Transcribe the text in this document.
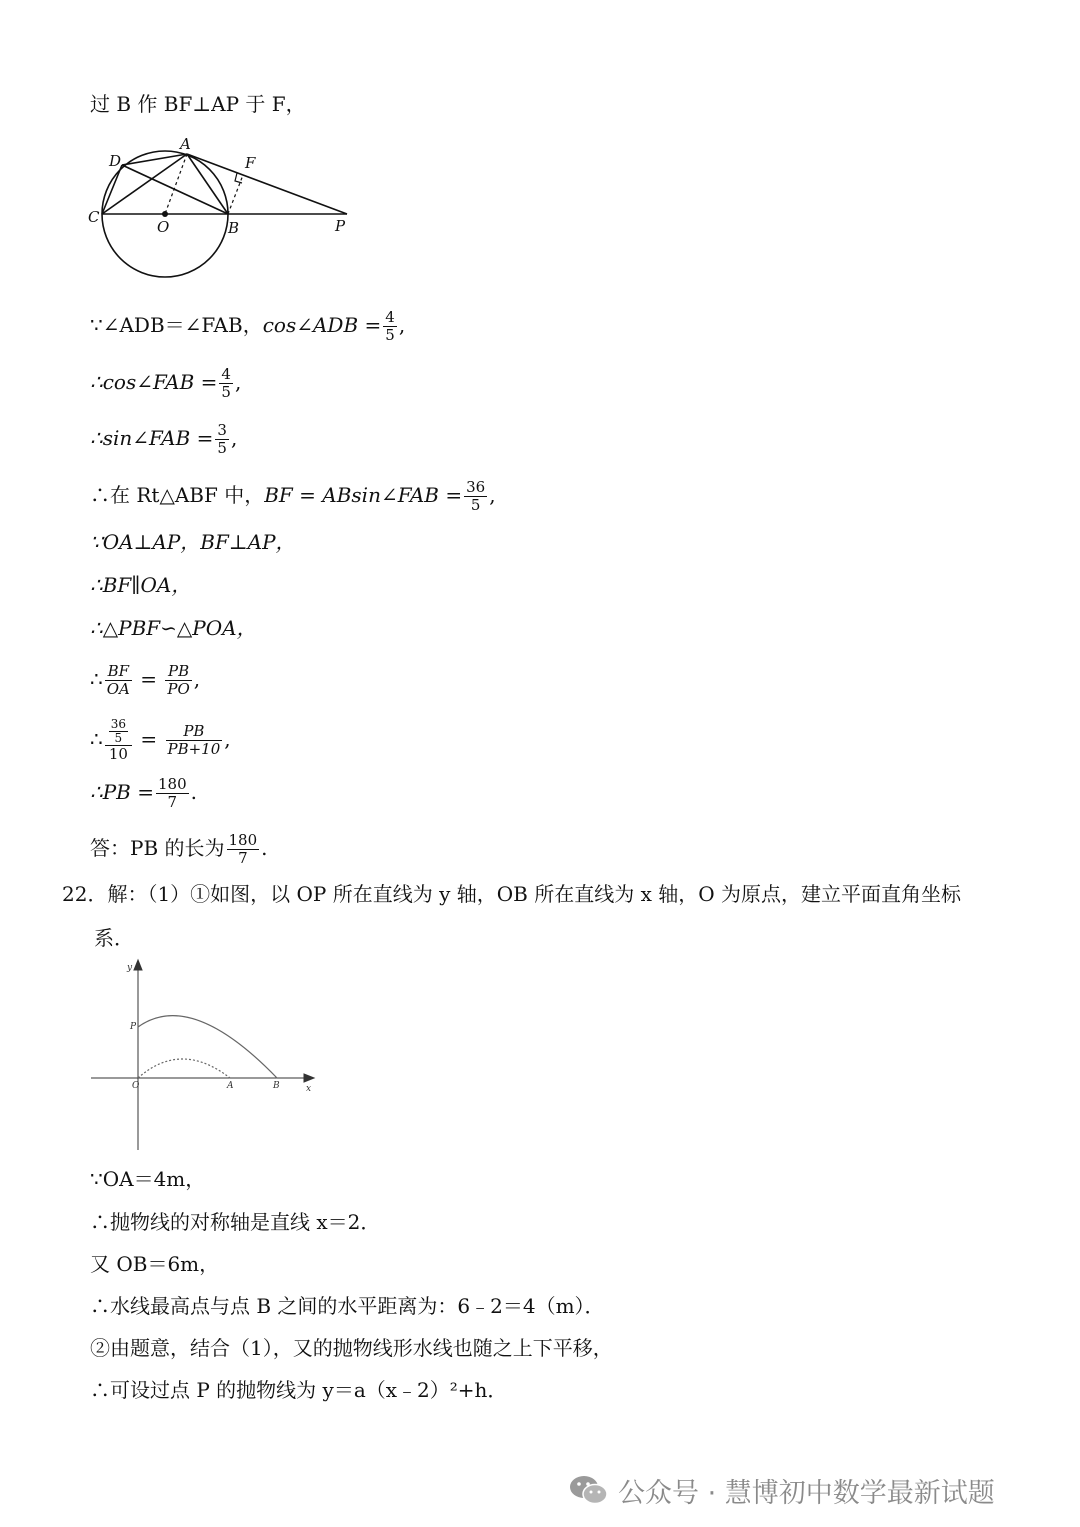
过 B 作 BF⊥AP 于 F，
D
A
F
C
O	B	P
∵∠ADB＝∠FAB，cos∠ADB = $\frac{4}{5}$ ,
∴cos∠FAB = $\frac{4}{5}$ ,
∴sin∠FAB = $\frac{3}{5}$ ,
∴在 Rt△ABF 中，BF = ABsin∠FAB = $\frac{36}{5}$ ,
∵OA⊥AP，BF⊥AP，
∴BF∥OA，
∴△PBF∽△POA，
∴ $\frac{BF}{OA} = \frac{PB}{PO}$ ,
∴ $\frac{\frac{36}{5}}{10} = \frac{PB}{PB+10}$ ,
∴PB = $\frac{180}{7}$ .
答：PB 的长为 $\frac{180}{7}$ .
22．解：（1）①如图，以 OP 所在直线为 y 轴，OB 所在直线为 x 轴，O 为原点，建立平面直角坐标
系．
y
P
O	A	B	x
∵OA＝4m，
∴抛物线的对称轴是直线 x＝2．
又 OB＝6m，
∴水线最高点与点 B 之间的水平距离为：6﹣2＝4（m）．
②由题意，结合（1），又的抛物线形水线也随之上下平移，
∴可设过点 P 的抛物线为 y＝a（x﹣2）²+h．
公众号 · 慧博初中数学最新试题
